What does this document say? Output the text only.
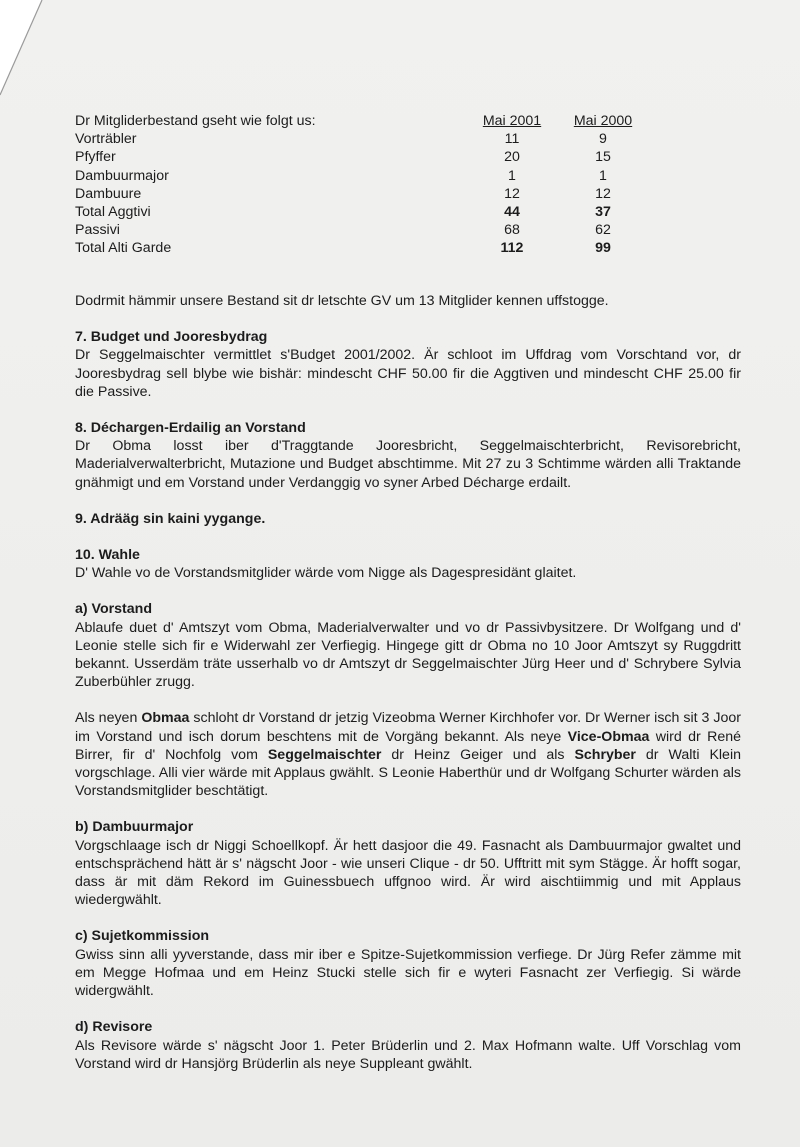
Dr Mitgliderbestand gseht wie folgt us:	Mai 2001	Mai 2000
Vorträbler	11	9
Pfyffer	20	15
Dambuurmajor	1	1
Dambuure	12	12
Total Aggtivi	44	37
Passivi	68	62
Total Alti Garde	112	99

Dodrmit hämmir unsere Bestand sit dr letschte GV um 13 Mitglider kennen uffstogge.

7. Budget und Jooresbydrag

Dr Seggelmaischter vermittlet s'Budget 2001/2002. Är schloot im Uffdrag vom Vorschtand vor, dr Jooresbydrag sell blybe wie bishär: mindescht CHF 50.00 fir die Aggtiven und mindescht CHF 25.00 fir die Passive.

8. Déchargen-Erdailig an Vorstand

Dr Obma losst iber d'Traggtande Jooresbricht, Seggelmaischterbricht, Revisorebricht, Maderialverwalterbricht, Mutazione und Budget abschtimme. Mit 27 zu 3 Schtimme wärden alli Traktande gnähmigt und em Vorstand under Verdanggig vo syner Arbed Décharge erdailt.

9. Adrääg sin kaini yygange.
10. Wahle

D' Wahle vo de Vorstandsmitglider wärde vom Nigge als Dagespresidänt glaitet.

a) Vorstand

Ablaufe duet d' Amtszyt vom Obma, Maderialverwalter und vo dr Passivbysitzere. Dr Wolfgang und d' Leonie stelle sich fir e Widerwahl zer Verfiegig. Hingege gitt dr Obma no 10 Joor Amtszyt sy Ruggdritt bekannt. Usserdäm träte usserhalb vo dr Amtszyt dr Seggelmaischter Jürg Heer und d' Schrybere Sylvia Zuberbühler zrugg.

Als neyen Obmaa schloht dr Vorstand dr jetzig Vizeobma Werner Kirchhofer vor. Dr Werner isch sit 3 Joor im Vorstand und isch dorum beschtens mit de Vorgäng bekannt. Als neye Vice-Obmaa wird dr René Birrer, fir d' Nochfolg vom Seggelmaischter dr Heinz Geiger und als Schryber dr Walti Klein vorgschlage. Alli vier wärde mit Applaus gwählt. S Leonie Haberthür und dr Wolfgang Schurter wärden als Vorstandsmitglider beschtätigt.

b) Dambuurmajor

Vorgschlaage isch dr Niggi Schoellkopf. Är hett dasjoor die 49. Fasnacht als Dambuurmajor gwaltet und entschsprächend hätt är s' nägscht Joor - wie unseri Clique - dr 50. Ufftritt mit sym Stägge. Är hofft sogar, dass är mit däm Rekord im Guinessbuech uffgnoo wird. Är wird aischtiimmig und mit Applaus wiedergwählt.

c) Sujetkommission

Gwiss sinn alli yyverstande, dass mir iber e Spitze-Sujetkommission verfiege. Dr Jürg Refer zämme mit em Megge Hofmaa und em Heinz Stucki stelle sich fir e wyteri Fasnacht zer Verfiegig. Si wärde widergwählt.

d) Revisore

Als Revisore wärde s' nägscht Joor 1. Peter Brüderlin und 2. Max Hofmann walte. Uff Vorschlag vom Vorstand wird dr Hansjörg Brüderlin als neye Suppleant gwählt.
